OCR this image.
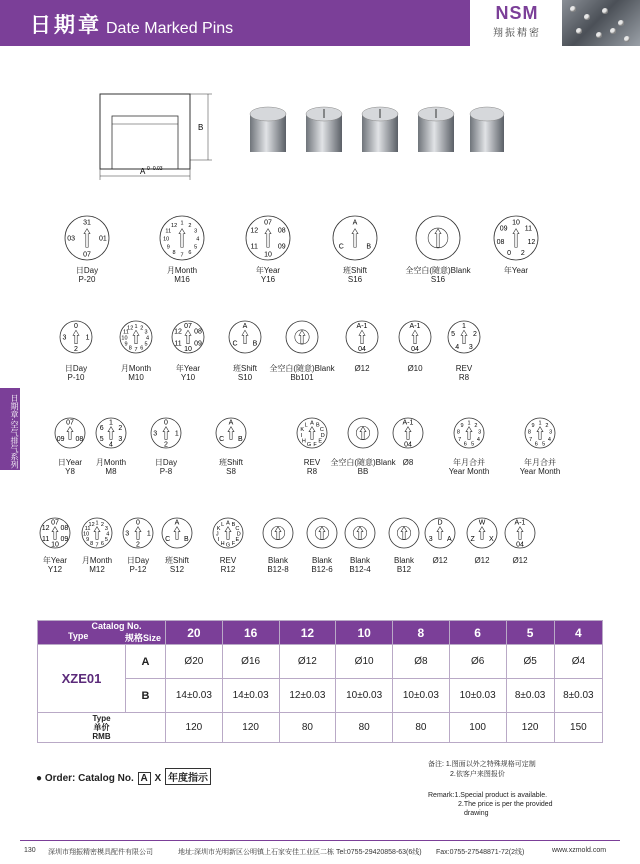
日期章 Date Marked Pins
NSM
翔振精密
日期章.空气排气系列
B
A 0 -0.03
31
01
07
03
日Day
P-20
1 2
3
4
5
6
7
8
9
10
11
12
月Month
M16
07
08
09
10
11
12
年Year
Y16
A
B
C
班Shift
S16
全空白(随意)Blank
S16
10
11
12
2
0
08
09
年Year
0
1
2
3
日Day
P-10
1 2
3
4
5
6
7
8
9
10
11
12
月Month
M10
07
08
09
10
11
12
年Year
Y10
A
B
C
班Shift
S10
全空白(随意)Blank
Bb101
A-1
04
Ø12
A-1
04
Ø10
1
2
3
4
5
REV
R8
07
08
09
日Year
Y8
1
2
3
4
5
6
月Month
M8
0
1
2
3
日Day
P-8
A
B
C
班Shift
S8
A B
C
D
E
F
G
H
I
K
L
REV
R8
全空白(随意)Blank
BB
A-1
04
Ø8
1 2
3
4
5
6
7
8
9
年月合并
Year Month
1 2
3
4
5
6
7
8
9
年月合并
Year Month
07
08
09
10
11
12
年Year
Y12
1 2
3
4
5
6
7
8
9
10
11
12
月Month
M12
0
1
2
3
日Day
P-12
A
B
C
班Shift
S12
A B
C
D
E
F
G
H
I
J
K
L
REV
R12
Blank
B12-8
Blank
B12-6
Blank
B12-4
Blank
B12
D
A
3
Ø12
W
X
Z
Ø12
A-1
04
Ø12
Catalog No.
Type 规格Size		20	16	12	10	8	6	5	4
XZE01	A	Ø20	Ø16	Ø12	Ø10	Ø8	Ø6	Ø5	Ø4
	B	14±0.03	14±0.03	12±0.03	10±0.03	10±0.03	10±0.03	8±0.03	8±0.03

Type
单价
RMB		120	120	80	80	80	100	120	150
● Order: Catalog No. A X 年度指示
备注: 1.图面以外之特殊规格可定制
2.依客户来图报价
Remark:1.Special product is available.
2.The price is per the provided
drawing
130 深圳市翔振精密模具配件有限公司	地址:深圳市光明新区公明镇上石家安佳工业区二栋 Tel:0755-29420858-63(6线) Fax:0755-27548871-72(2线)	www.xzmold.com
